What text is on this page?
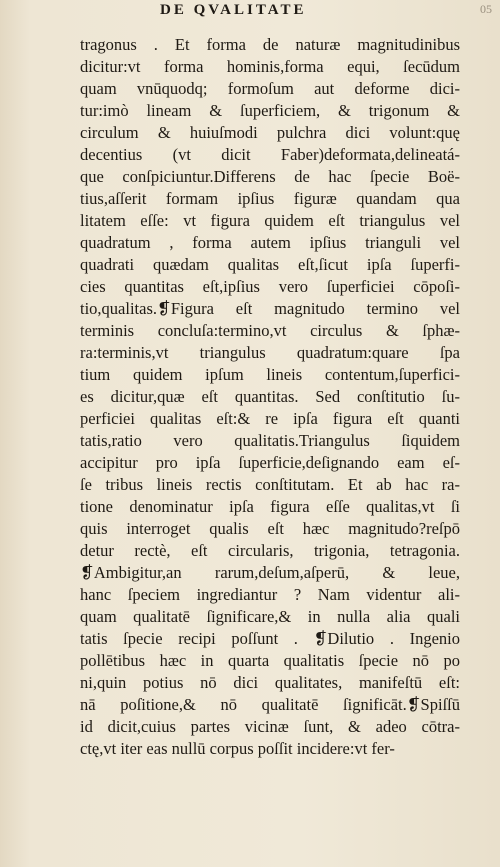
DE QVALITATE	05
tragonus . Et forma de naturæ magnitudinibus
dicitur:vt forma hominis,forma equi, ſecūdum
quam vnūquodq; formoſum aut deforme dici-
tur:imò lineam & ſuperficiem, & trigonum &
circulum & huiuſmodi pulchra dici volunt:quę
decentius (vt dicit Faber)deformata,delineatá-
que conſpiciuntur.Differens de hac ſpecie Boë-
tius,aſſerit formam ipſius figuræ quandam qua
litatem eſſe: vt figura quidem eſt triangulus vel
quadratum , forma autem ipſius trianguli vel
quadrati quædam qualitas eſt,ſicut ipſa ſuperfi-
cies quantitas eſt,ipſius vero ſuperficiei cōpoſi-
tio,qualitas.❡Figura eſt magnitudo termino vel
terminis concluſa:termino,vt circulus & ſphæ-
ra:terminis,vt triangulus quadratum:quare ſpa
tium quidem ipſum lineis contentum,ſuperfici-
es dicitur,quæ eſt quantitas. Sed conſtitutio ſu-
perficiei qualitas eſt:& re ipſa figura eſt quanti
tatis,ratio vero qualitatis.Triangulus ſiquidem
accipitur pro ipſa ſuperficie,deſignando eam eſ-
ſe tribus lineis rectis conſtitutam. Et ab hac ra-
tione denominatur ipſa figura eſſe qualitas,vt ſi
quis interroget qualis eſt hæc magnitudo?reſpō
detur rectè, eſt circularis, trigonia, tetragonia.
❡Ambigitur,an rarum,deſum,aſperū, & leue,
hanc ſpeciem ingrediantur ? Nam videntur ali-
quam qualitatē ſignificare,& in nulla alia quali
tatis ſpecie recipi poſſunt . ❡Dilutio . Ingenio
pollētibus hæc in quarta qualitatis ſpecie nō po
ni,quin potius nō dici qualitates, manifeſtū eſt:
nā poſitione,& nō qualitatē ſignificāt.❡Spiſſū
id dicit,cuius partes vicinæ ſunt, & adeo cōtra-
ctę,vt iter eas nullū corpus poſſit incidere:vt fer-
